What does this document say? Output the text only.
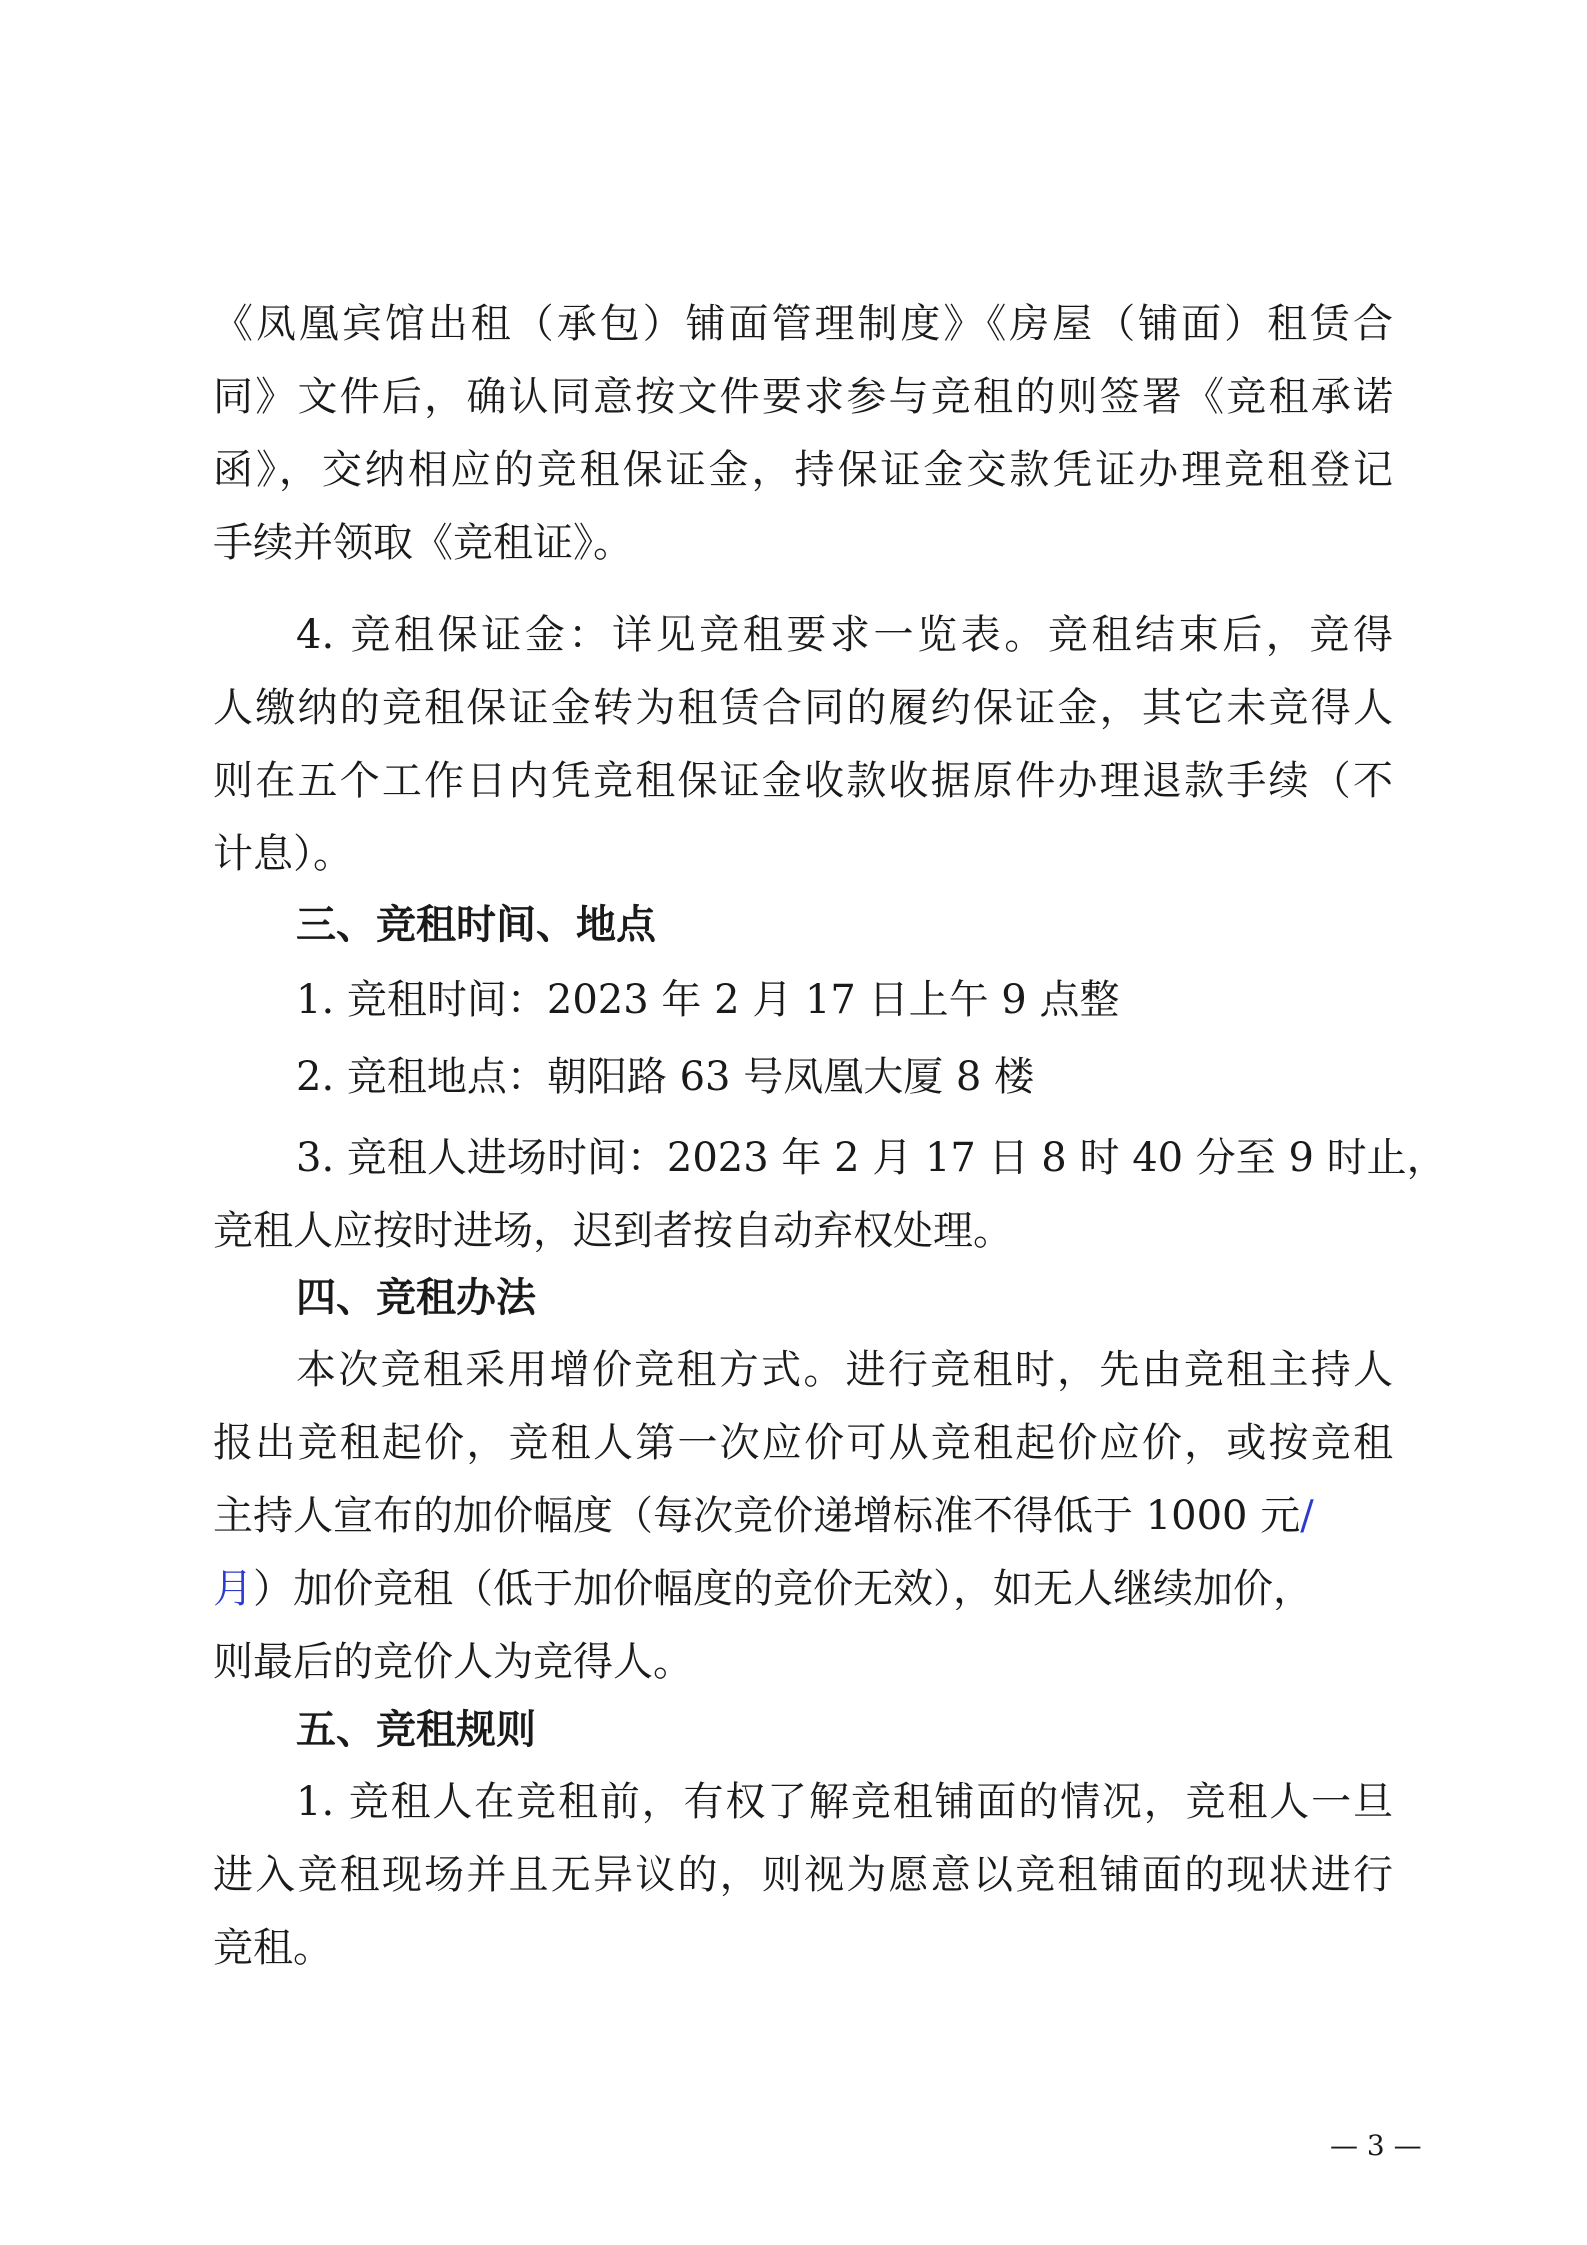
《凤凰宾馆出租（承包）铺面管理制度》《房屋（铺面）租赁合
同》文件后，确认同意按文件要求参与竞租的则签署《竞租承诺
函》，交纳相应的竞租保证金，持保证金交款凭证办理竞租登记
手续并领取《竞租证》。
4. 竞租保证金：详见竞租要求一览表。竞租结束后，竞得
人缴纳的竞租保证金转为租赁合同的履约保证金，其它未竞得人
则在五个工作日内凭竞租保证金收款收据原件办理退款手续（不
计息）。
三、竞租时间、地点
1. 竞租时间：2023 年 2 月 17 日上午 9 点整
2. 竞租地点：朝阳路 63 号凤凰大厦 8 楼
3. 竞租人进场时间：2023 年 2 月 17 日 8 时 40 分至 9 时止，
竞租人应按时进场，迟到者按自动弃权处理。
四、竞租办法
本次竞租采用增价竞租方式。进行竞租时，先由竞租主持人
报出竞租起价，竞租人第一次应价可从竞租起价应价，或按竞租
主持人宣布的加价幅度（每次竞价递增标准不得低于 1000 元/
月）加价竞租（低于加价幅度的竞价无效），如无人继续加价，
则最后的竞价人为竞得人。
五、竞租规则
1. 竞租人在竞租前，有权了解竞租铺面的情况，竞租人一旦
进入竞租现场并且无异议的，则视为愿意以竞租铺面的现状进行
竞租。
— 3 —
